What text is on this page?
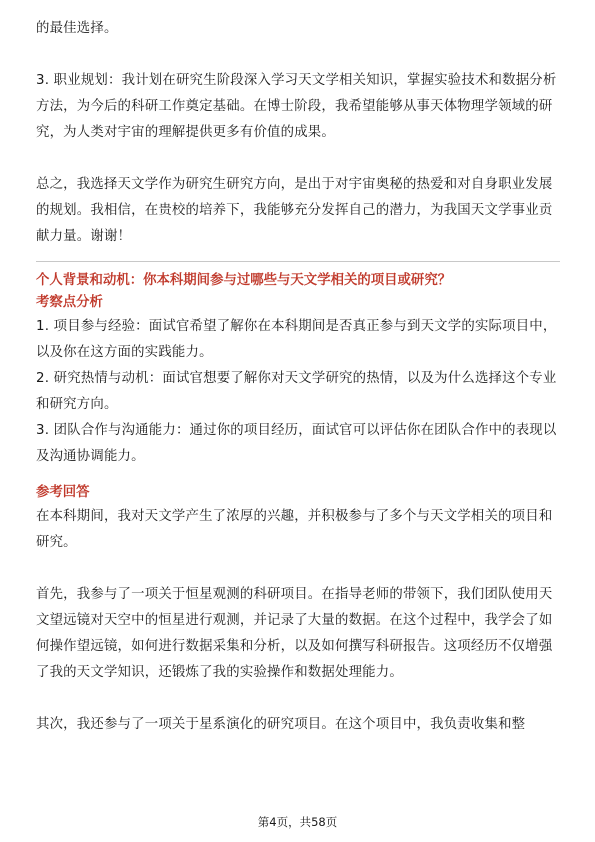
的最佳选择。

3. 职业规划：我计划在研究生阶段深入学习天文学相关知识，掌握实验技术和数据分析方法，为今后的科研工作奠定基础。在博士阶段，我希望能够从事天体物理学领域的研究，为人类对宇宙的理解提供更多有价值的成果。

总之，我选择天文学作为研究生研究方向，是出于对宇宙奥秘的热爱和对自身职业发展的规划。我相信，在贵校的培养下，我能够充分发挥自己的潜力，为我国天文学事业贡献力量。谢谢！

个人背景和动机：你本科期间参与过哪些与天文学相关的项目或研究？
考察点分析

1. 项目参与经验：面试官希望了解你在本科期间是否真正参与到天文学的实际项目中，以及你在这方面的实践能力。

2. 研究热情与动机：面试官想要了解你对天文学研究的热情，以及为什么选择这个专业和研究方向。

3. 团队合作与沟通能力：通过你的项目经历，面试官可以评估你在团队合作中的表现以及沟通协调能力。

参考回答

在本科期间，我对天文学产生了浓厚的兴趣，并积极参与了多个与天文学相关的项目和研究。

首先，我参与了一项关于恒星观测的科研项目。在指导老师的带领下，我们团队使用天文望远镜对天空中的恒星进行观测，并记录了大量的数据。在这个过程中，我学会了如何操作望远镜，如何进行数据采集和分析，以及如何撰写科研报告。这项经历不仅增强了我的天文学知识，还锻炼了我的实验操作和数据处理能力。

其次，我还参与了一项关于星系演化的研究项目。在这个项目中，我负责收集和整

第4页，共58页
